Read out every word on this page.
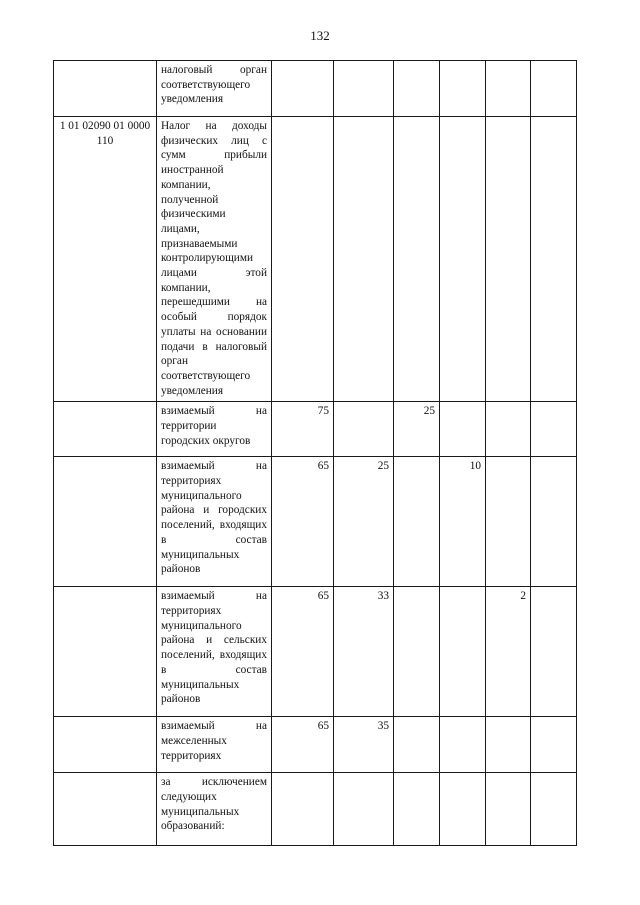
132
	налоговый орган соответствующего уведомления						
1 01 02090 01 0000 110	Налог на доходы физических лиц с сумм прибыли иностранной компании, полученной физическими лицами, признаваемыми контролирующими лицами этой компании, перешедшими на особый порядок уплаты на основании подачи в налоговый орган соответствующего уведомления						
	взимаемый на территории городских округов	75		25			
	взимаемый на территориях муниципального района и городских поселений, входящих в состав муниципальных районов	65	25		10		
	взимаемый на территориях муниципального района и сельских поселений, входящих в состав муниципальных районов	65	33			2	
	взимаемый на межселенных территориях	65	35				
	за исключением следующих муниципальных образований:						
